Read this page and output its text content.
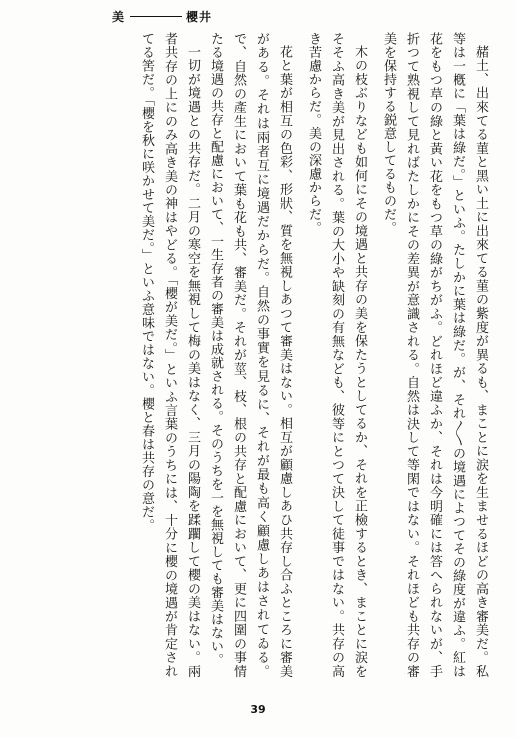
美	櫻井

赭土、出來てる菫と黑い土に出來てる菫の紫度が異るも、まことに涙を生ませるほどの高き審美だ。私等は一槪に「葉は綠だ。」といふ。たしかに葉は綠だ。が、それ〳〵の境遇によつてその綠度が違ふ。紅は花をもつ草の綠と黃い花をもつ草の綠がちがふ。どれほど違ふか、それは今明確には答へられないが、手折つて熟視して見ればたしかにその差異が意識される。自然は決して等閑ではない。それほども共存の審美を保持する鋭意してるものだ。

木の枝ぶりなども如何にその境遇と共存の美を保たうとしてるか、それを正檢するとき、まことに涙をそそふ高き美が見出される。葉の大小や缺刻の有無なども、彼等にとつて決して徒事ではない。共存の高き苦慮からだ。美の深慮からだ。

花と葉が相互の色彩、形狀、質を無視しあつて審美はない。相互が顧慮しあひ共存し合ふところに審美がある。それは兩者互に境遇だからだ。自然の事實を見るに、それが最も高く顧慮しあはされてゐる。で、自然の產生において葉も花も共、審美だ。それが莖、枝、根の共存と配慮において、更に四圍の事情たる境遇の共存と配慮において、一生存者の審美は成就される。そのうちを一を無視しても審美はない。

一切が境遇との共存だ。二月の寒空を無視して梅の美はなく、三月の陽陶を蹂躙して櫻の美はない。兩者共存の上にのみ高き美の神はやどる。「櫻が美だ。」といふ言葉のうちには、十分に櫻の境遇が肯定されてる筈だ。「櫻を秋に咲かせて美だ。」といふ意味ではない。櫻と春は共存の意だ。

39
